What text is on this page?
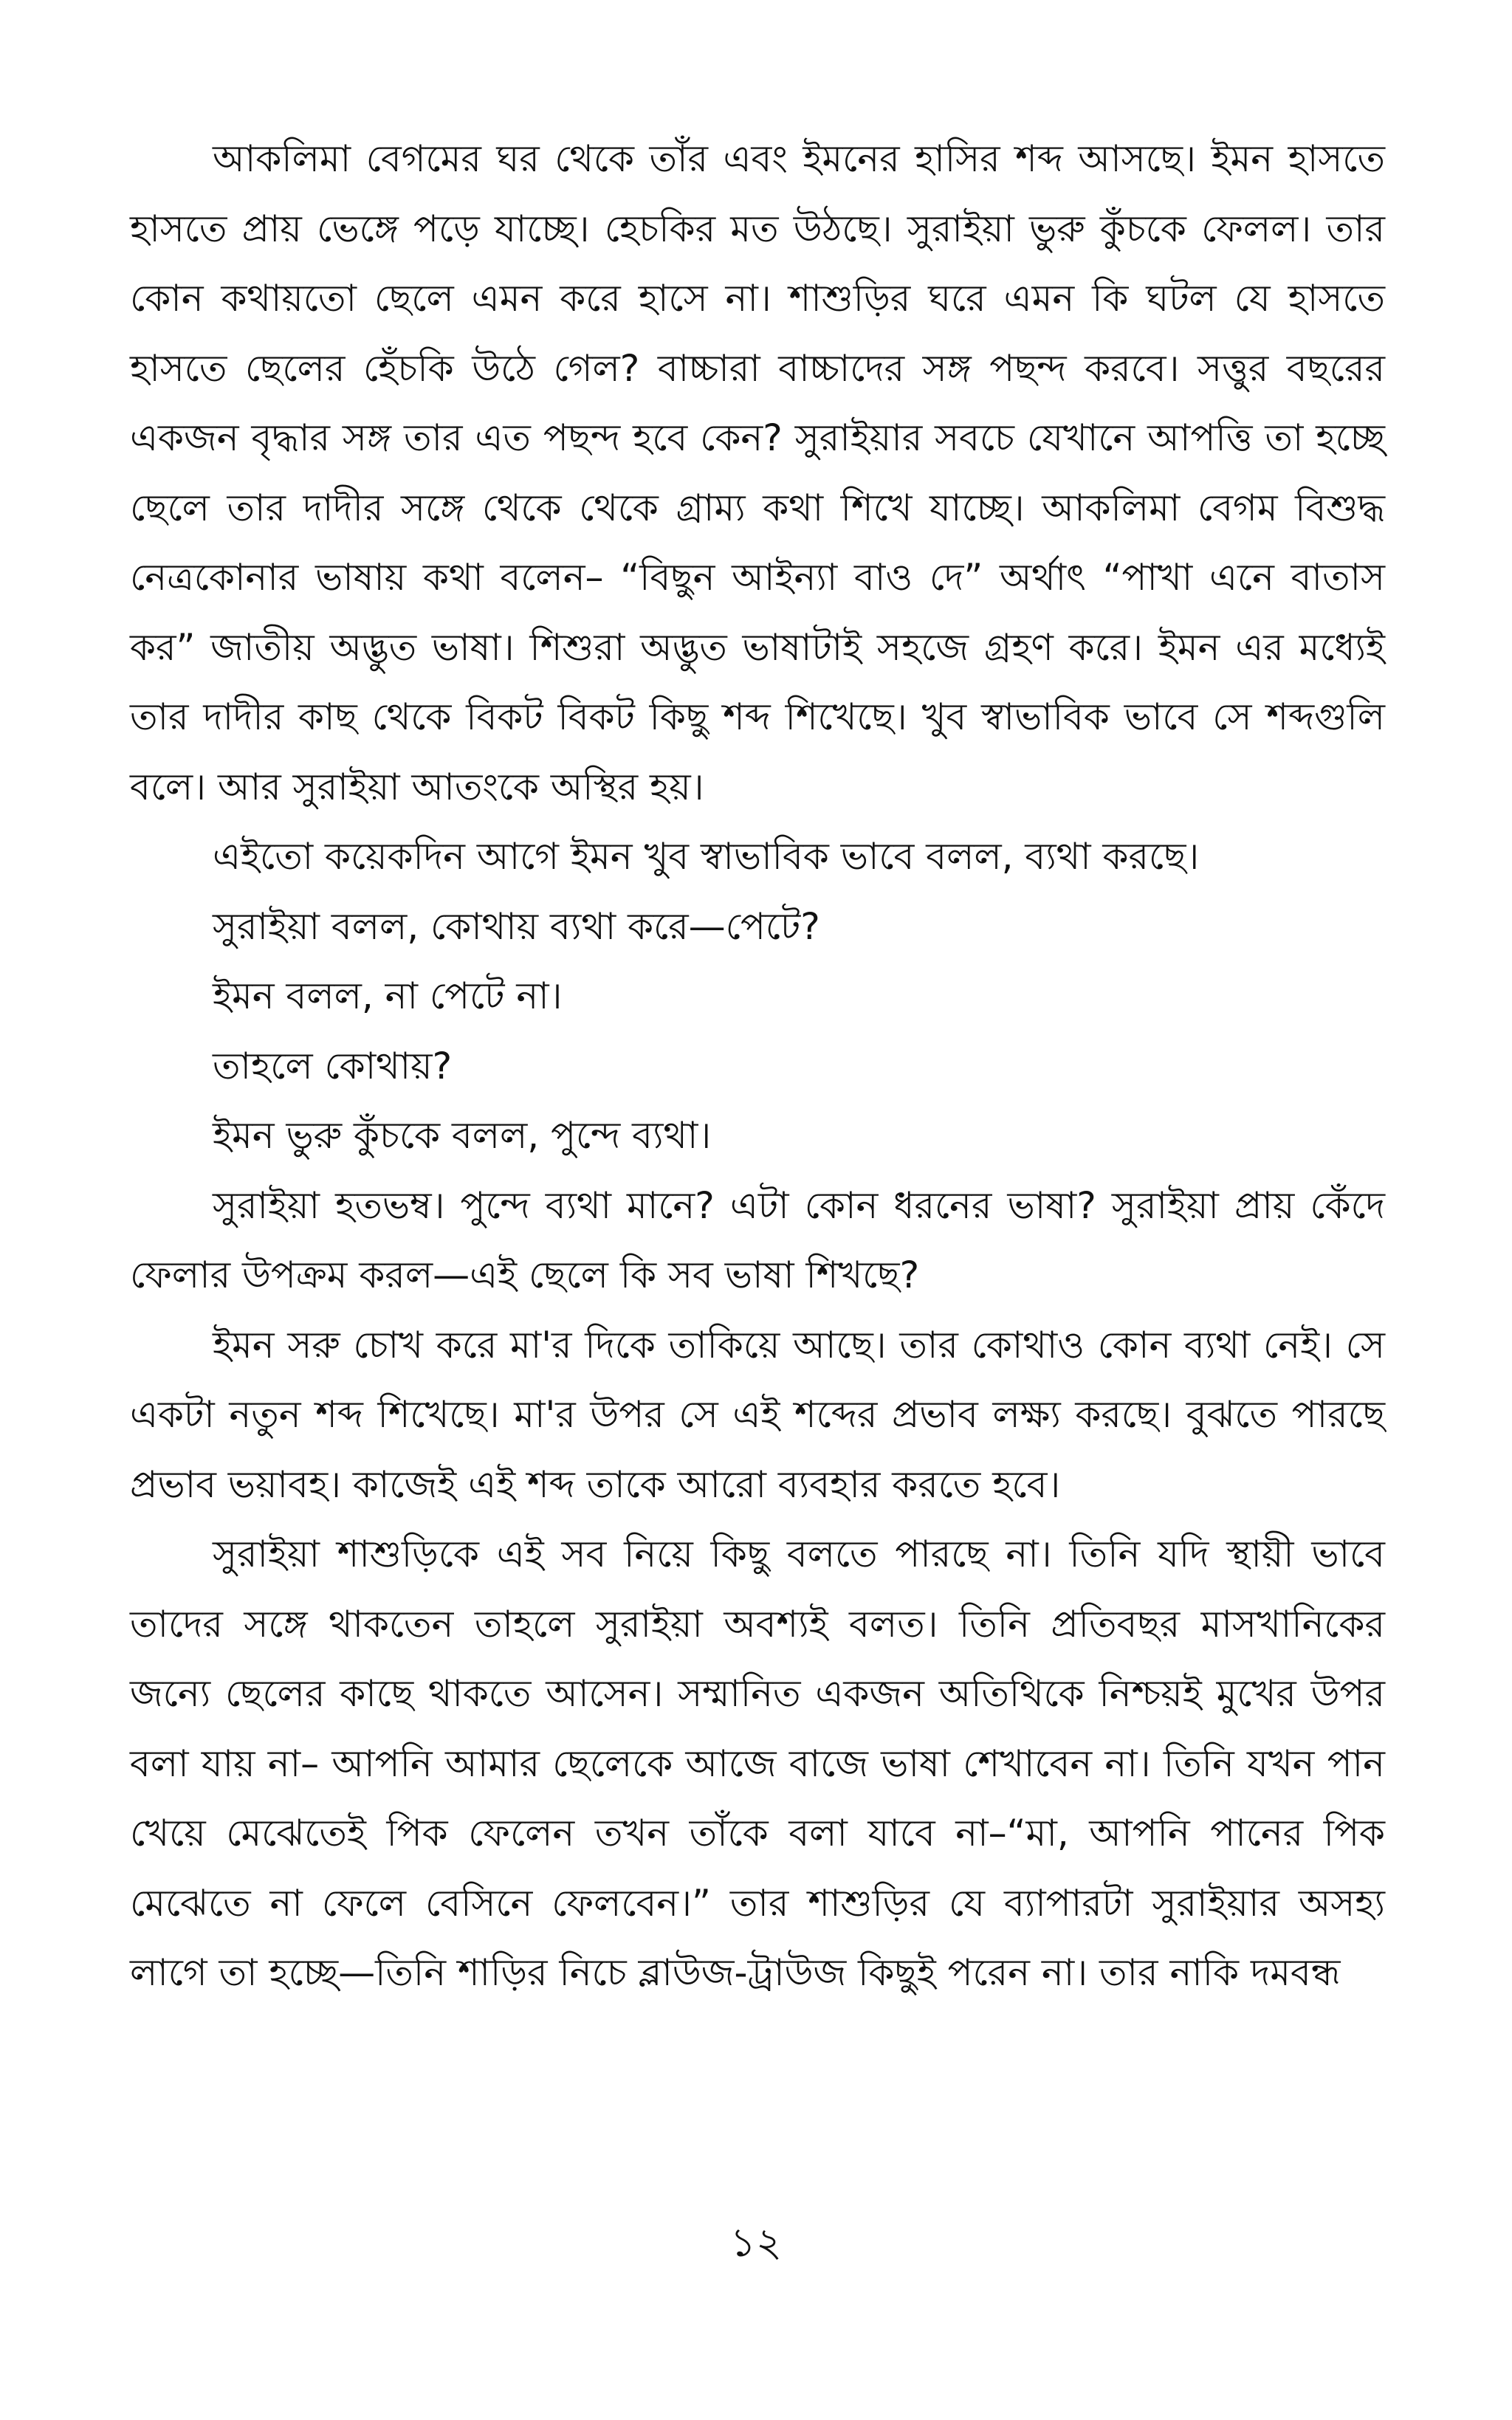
আকলিমা বেগমের ঘর থেকে তাঁর এবং ইমনের হাসির শব্দ আসছে। ইমন হাসতে হাসতে প্রায় ভেঙ্গে পড়ে যাচ্ছে। হেচকির মত উঠছে। সুরাইয়া ভুরু কুঁচকে ফেলল। তার কোন কথায়তো ছেলে এমন করে হাসে না। শাশুড়ির ঘরে এমন কি ঘটল যে হাসতে হাসতে ছেলের হেঁচকি উঠে গেল? বাচ্চারা বাচ্চাদের সঙ্গ পছন্দ করবে। সত্তুর বছরের একজন বৃদ্ধার সঙ্গ তার এত পছন্দ হবে কেন? সুরাইয়ার সবচে যেখানে আপত্তি তা হচ্ছে ছেলে তার দাদীর সঙ্গে থেকে থেকে গ্রাম্য কথা শিখে যাচ্ছে। আকলিমা বেগম বিশুদ্ধ নেত্রকোনার ভাষায় কথা বলেন– “বিছুন আইন্যা বাও দে” অর্থাৎ “পাখা এনে বাতাস কর” জাতীয় অদ্ভুত ভাষা। শিশুরা অদ্ভুত ভাষাটাই সহজে গ্রহণ করে। ইমন এর মধ্যেই তার দাদীর কাছ থেকে বিকট বিকট কিছু শব্দ শিখেছে। খুব স্বাভাবিক ভাবে সে শব্দগুলি বলে। আর সুরাইয়া আতংকে অস্থির হয়।

এইতো কয়েকদিন আগে ইমন খুব স্বাভাবিক ভাবে বলল, ব্যথা করছে।

সুরাইয়া বলল, কোথায় ব্যথা করে—পেটে?

ইমন বলল, না পেটে না।

তাহলে কোথায়?

ইমন ভুরু কুঁচকে বলল, পুন্দে ব্যথা।

সুরাইয়া হতভম্ব। পুন্দে ব্যথা মানে? এটা কোন ধরনের ভাষা? সুরাইয়া প্রায় কেঁদে ফেলার উপক্রম করল—এই ছেলে কি সব ভাষা শিখছে?

ইমন সরু চোখ করে মা'র দিকে তাকিয়ে আছে। তার কোথাও কোন ব্যথা নেই। সে একটা নতুন শব্দ শিখেছে। মা'র উপর সে এই শব্দের প্রভাব লক্ষ্য করছে। বুঝতে পারছে প্রভাব ভয়াবহ। কাজেই এই শব্দ তাকে আরো ব্যবহার করতে হবে।

সুরাইয়া শাশুড়িকে এই সব নিয়ে কিছু বলতে পারছে না। তিনি যদি স্থায়ী ভাবে তাদের সঙ্গে থাকতেন তাহলে সুরাইয়া অবশ্যই বলত। তিনি প্রতিবছর মাসখানিকের জন্যে ছেলের কাছে থাকতে আসেন। সম্মানিত একজন অতিথিকে নিশ্চয়ই মুখের উপর বলা যায় না– আপনি আমার ছেলেকে আজে বাজে ভাষা শেখাবেন না। তিনি যখন পান খেয়ে মেঝেতেই পিক ফেলেন তখন তাঁকে বলা যাবে না–“মা, আপনি পানের পিক মেঝেতে না ফেলে বেসিনে ফেলবেন।” তার শাশুড়ির যে ব্যাপারটা সুরাইয়ার অসহ্য লাগে তা হচ্ছে—তিনি শাড়ির নিচে ব্লাউজ-ট্রাউজ কিছুই পরেন না। তার নাকি দমবন্ধ

১২
